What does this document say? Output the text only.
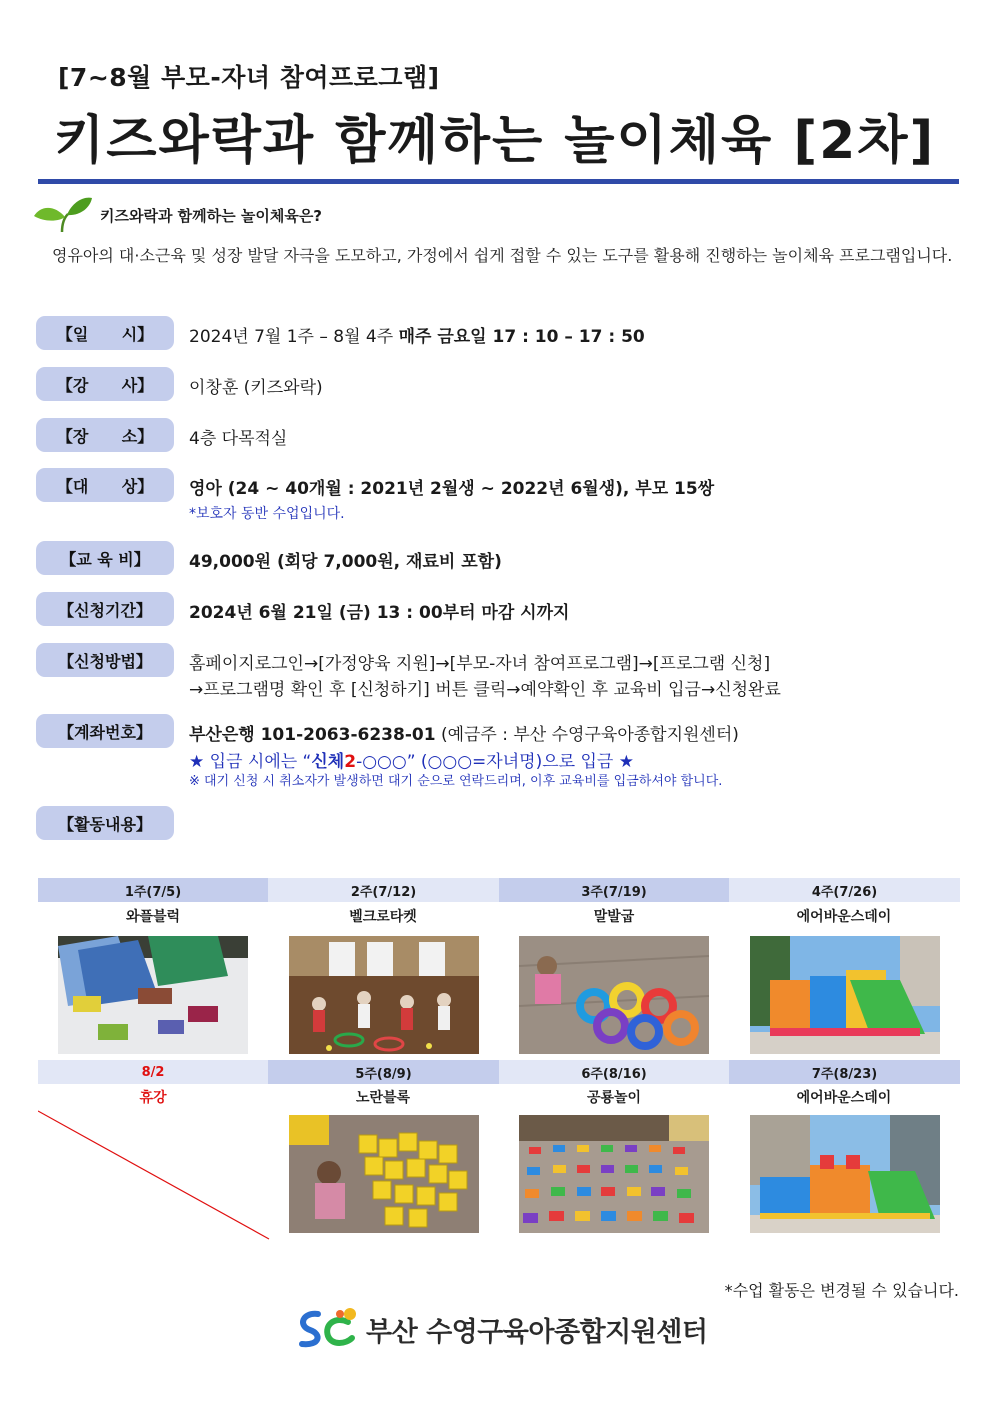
[7~8월 부모-자녀 참여프로그램]
키즈와락과 함께하는 놀이체육 [2차]
키즈와락과 함께하는 놀이체육은?
영유아의 대·소근육 및 성장 발달 자극을 도모하고, 가정에서 쉽게 접할 수 있는 도구를 활용해 진행하는 놀이체육 프로그램입니다.
【일      시】	2024년 7월 1주 – 8월 4주 매주 금요일 17 : 10 – 17 : 50
【강      사】	이창훈 (키즈와락)
【장      소】	4층 다목적실
【대      상】	영아 (24 ~ 40개월 : 2021년 2월생 ~ 2022년 6월생), 부모 15쌍
*보호자 동반 수업입니다.
【교 육 비】	49,000원 (회당 7,000원, 재료비 포함)
【신청기간】	2024년 6월 21일 (금) 13 : 00부터 마감 시까지
【신청방법】	홈페이지로그인→[가정양육 지원]→[부모-자녀 참여프로그램]→[프로그램 신청]
→프로그램명 확인 후 [신청하기] 버튼 클릭→예약확인 후 교육비 입금→신청완료
【계좌번호】	부산은행 101-2063-6238-01 (예금주 : 부산 수영구육아종합지원센터)
★ 입금 시에는 “신체2-○○○” (○○○=자녀명)으로 입금 ★
※ 대기 신청 시 취소자가 발생하면 대기 순으로 연락드리며, 이후 교육비를 입금하셔야 합니다.
【활동내용】
1주(7/5)	2주(7/12)	3주(7/19)	4주(7/26)
와플블럭	벨크로타켓	말발굽	에어바운스데이
8/2	5주(8/9)	6주(8/16)	7주(8/23)
휴강	노란블록	공룡놀이	에어바운스데이
*수업 활동은 변경될 수 있습니다.
부산 수영구육아종합지원센터
